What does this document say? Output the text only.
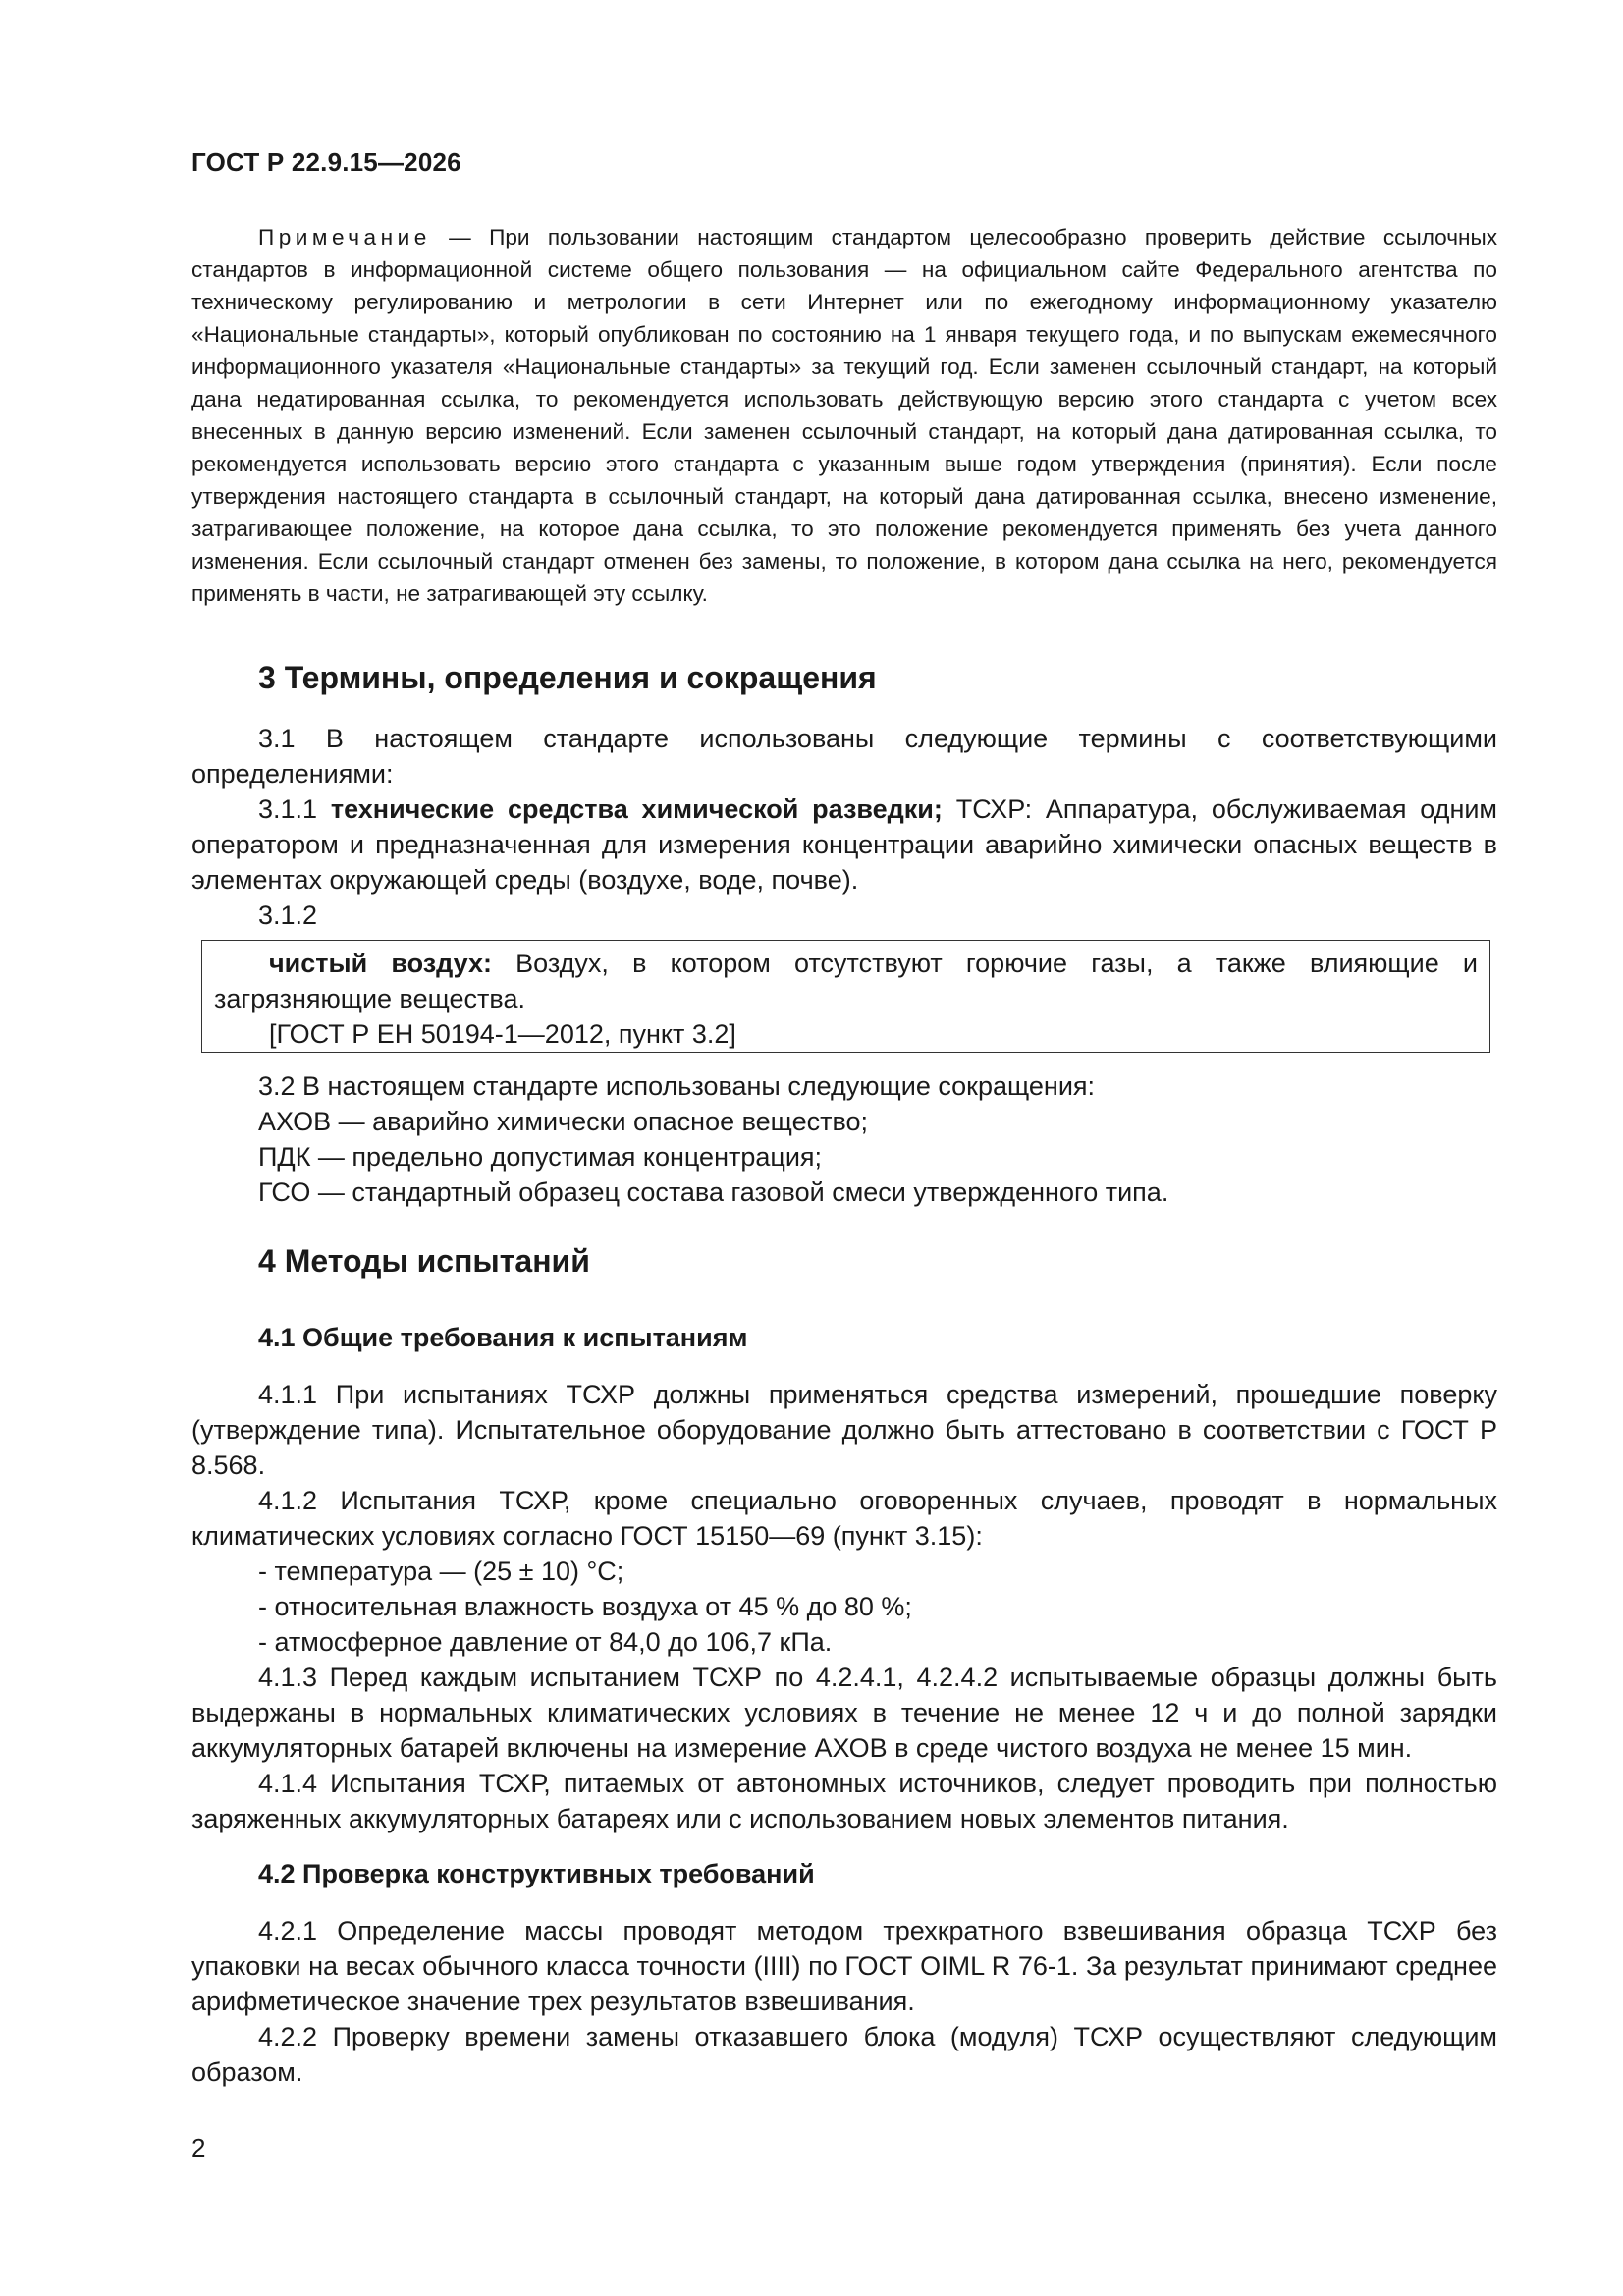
ГОСТ Р 22.9.15—2026

Примечание — При пользовании настоящим стандартом целесообразно проверить действие ссылочных стандартов в информационной системе общего пользования — на официальном сайте Федерального агентства по техническому регулированию и метрологии в сети Интернет или по ежегодному информационному указателю «Национальные стандарты», который опубликован по состоянию на 1 января текущего года, и по выпускам ежемесячного информационного указателя «Национальные стандарты» за текущий год. Если заменен ссылочный стандарт, на который дана недатированная ссылка, то рекомендуется использовать действующую версию этого стандарта с учетом всех внесенных в данную версию изменений. Если заменен ссылочный стандарт, на который дана датированная ссылка, то рекомендуется использовать версию этого стандарта с указанным выше годом утверждения (принятия). Если после утверждения настоящего стандарта в ссылочный стандарт, на который дана датированная ссылка, внесено изменение, затрагивающее положение, на которое дана ссылка, то это положение рекомендуется применять без учета данного изменения. Если ссылочный стандарт отменен без замены, то положение, в котором дана ссылка на него, рекомендуется применять в части, не затрагивающей эту ссылку.

3 Термины, определения и сокращения

3.1 В настоящем стандарте использованы следующие термины с соответствующими определениями:

3.1.1 технические средства химической разведки; ТСХР: Аппаратура, обслуживаемая одним оператором и предназначенная для измерения концентрации аварийно химически опасных веществ в элементах окружающей среды (воздухе, воде, почве).

3.1.2

чистый воздух: Воздух, в котором отсутствуют горючие газы, а также влияющие и загрязняющие вещества.

[ГОСТ Р ЕН 50194-1—2012, пункт 3.2]

3.2 В настоящем стандарте использованы следующие сокращения:

АХОВ — аварийно химически опасное вещество;

ПДК — предельно допустимая концентрация;

ГСО — стандартный образец состава газовой смеси утвержденного типа.

4 Методы испытаний
4.1 Общие требования к испытаниям

4.1.1 При испытаниях ТСХР должны применяться средства измерений, прошедшие поверку (утверждение типа). Испытательное оборудование должно быть аттестовано в соответствии с ГОСТ Р 8.568.

4.1.2 Испытания ТСХР, кроме специально оговоренных случаев, проводят в нормальных климатических условиях согласно ГОСТ 15150—69 (пункт 3.15):

- температура — (25 ± 10) °С;

- относительная влажность воздуха от 45 % до 80 %;

- атмосферное давление от 84,0 до 106,7 кПа.

4.1.3 Перед каждым испытанием ТСХР по 4.2.4.1, 4.2.4.2 испытываемые образцы должны быть выдержаны в нормальных климатических условиях в течение не менее 12 ч и до полной зарядки аккумуляторных батарей включены на измерение АХОВ в среде чистого воздуха не менее 15 мин.

4.1.4 Испытания ТСХР, питаемых от автономных источников, следует проводить при полностью заряженных аккумуляторных батареях или с использованием новых элементов питания.

4.2 Проверка конструктивных требований

4.2.1 Определение массы проводят методом трехкратного взвешивания образца ТСХР без упаковки на весах обычного класса точности (IIII) по ГОСТ OIML R 76-1. За результат принимают среднее арифметическое значение трех результатов взвешивания.

4.2.2 Проверку времени замены отказавшего блока (модуля) ТСХР осуществляют следующим образом.

2
